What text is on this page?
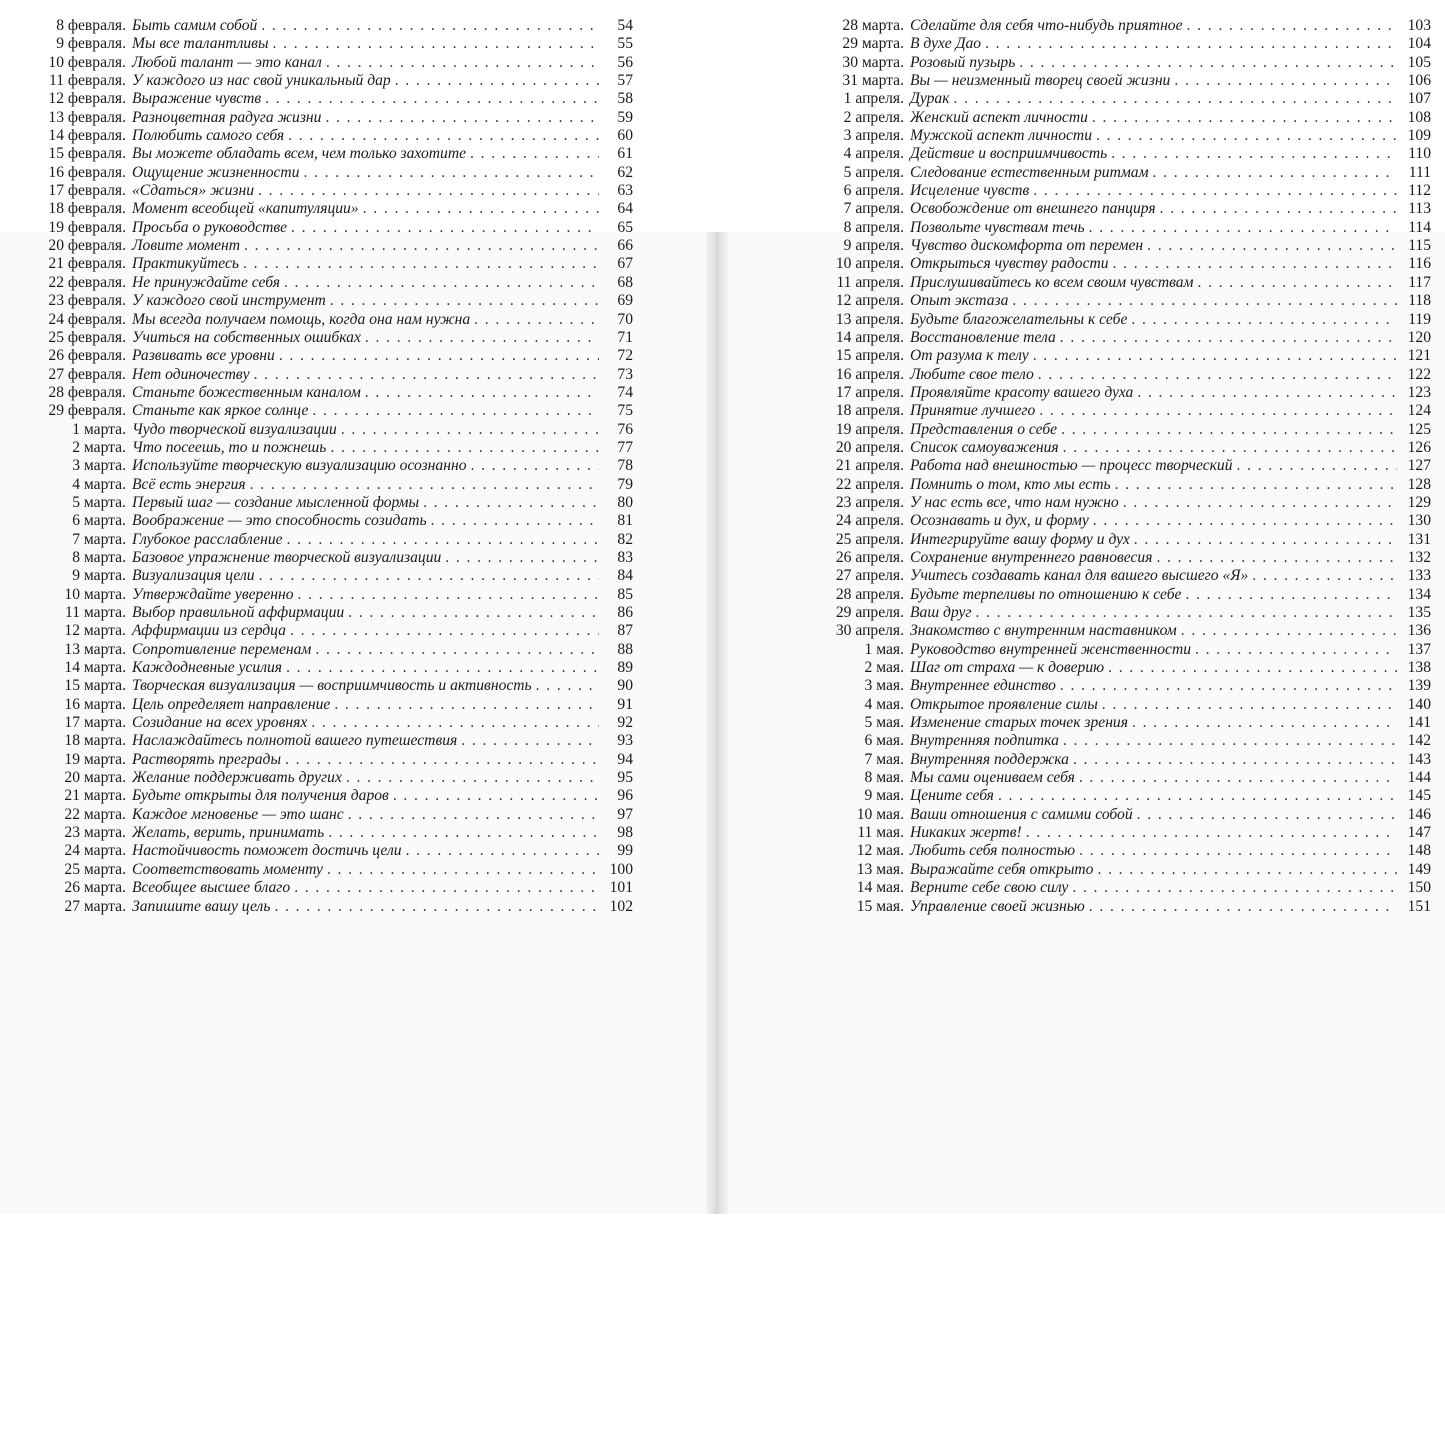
8 февраля. Быть самим собой . . .	54
9 февраля. Мы все талантливы . . .	55
10 февраля. Любой талант — это канал . . .	56
11 февраля. У каждого из нас свой уникальный дар . . .	57
12 февраля. Выражение чувств . . .	58
13 февраля. Разноцветная радуга жизни . . .	59
14 февраля. Полюбить самого себя . . .	60
15 февраля. Вы можете обладать всем, чем только захотите . . .	61
16 февраля. Ощущение жизненности . . .	62
17 февраля. «Сдаться» жизни . . .	63
18 февраля. Момент всеобщей «капитуляции» . . .	64
19 февраля. Просьба о руководстве . . .	65
20 февраля. Ловите момент . . .	66
21 февраля. Практикуйтесь . . .	67
22 февраля. Не принуждайте себя . . .	68
23 февраля. У каждого свой инструмент . . .	69
24 февраля. Мы всегда получаем помощь, когда она нам нужна . . .	70
25 февраля. Учиться на собственных ошибках . . .	71
26 февраля. Развивать все уровни . . .	72
27 февраля. Нет одиночеству . . .	73
28 февраля. Станьте божественным каналом . . .	74
29 февраля. Станьте как яркое солнце . . .	75
1 марта. Чудо творческой визуализации . . .	76
2 марта. Что посеешь, то и пожнешь . . .	77
3 марта. Используйте творческую визуализацию осознанно . . .	78
4 марта. Всё есть энергия . . .	79
5 марта. Первый шаг — создание мысленной формы . . .	80
6 марта. Воображение — это способность созидать . . .	81
7 марта. Глубокое расслабление . . .	82
8 марта. Базовое упражнение творческой визуализации . . .	83
9 марта. Визуализация цели . . .	84
10 марта. Утверждайте уверенно . . .	85
11 марта. Выбор правильной аффирмации . . .	86
12 марта. Аффирмации из сердца . . .	87
13 марта. Сопротивление переменам . . .	88
14 марта. Каждодневные усилия . . .	89
15 марта. Творческая визуализация — восприимчивость и активность . . .	90
16 марта. Цель определяет направление . . .	91
17 марта. Созидание на всех уровнях . . .	92
18 марта. Наслаждайтесь полнотой вашего путешествия . . .	93
19 марта. Растворять преграды . . .	94
20 марта. Желание поддерживать других . . .	95
21 марта. Будьте открыты для получения даров . . .	96
22 марта. Каждое мгновенье — это шанс . . .	97
23 марта. Желать, верить, принимать . . .	98
24 марта. Настойчивость поможет достичь цели . . .	99
25 марта. Соответствовать моменту . . .	100
26 марта. Всеобщее высшее благо . . .	101
27 марта. Запишите вашу цель . . .	102
28 марта. Сделайте для себя что-нибудь приятное . . .	103
29 марта. В духе Дао . . .	104
30 марта. Розовый пузырь . . .	105
31 марта. Вы — неизменный творец своей жизни . . .	106
1 апреля. Дурак . . .	107
2 апреля. Женский аспект личности . . .	108
3 апреля. Мужской аспект личности . . .	109
4 апреля. Действие и восприимчивость . . .	110
5 апреля. Следование естественным ритмам . . .	111
6 апреля. Исцеление чувств . . .	112
7 апреля. Освобождение от внешнего панциря . . .	113
8 апреля. Позвольте чувствам течь . . .	114
9 апреля. Чувство дискомфорта от перемен . . .	115
10 апреля. Открыться чувству радости . . .	116
11 апреля. Прислушивайтесь ко всем своим чувствам . . .	117
12 апреля. Опыт экстаза . . .	118
13 апреля. Будьте благожелательны к себе . . .	119
14 апреля. Восстановление тела . . .	120
15 апреля. От разума к телу . . .	121
16 апреля. Любите свое тело . . .	122
17 апреля. Проявляйте красоту вашего духа . . .	123
18 апреля. Принятие лучшего . . .	124
19 апреля. Представления о себе . . .	125
20 апреля. Список самоуважения . . .	126
21 апреля. Работа над внешностью — процесс творческий . . .	127
22 апреля. Помнить о том, кто мы есть . . .	128
23 апреля. У нас есть все, что нам нужно . . .	129
24 апреля. Осознавать и дух, и форму . . .	130
25 апреля. Интегрируйте вашу форму и дух . . .	131
26 апреля. Сохранение внутреннего равновесия . . .	132
27 апреля. Учитесь создавать канал для вашего высшего «Я» . . .	133
28 апреля. Будьте терпеливы по отношению к себе . . .	134
29 апреля. Ваш друг . . .	135
30 апреля. Знакомство с внутренним наставником . . .	136
1 мая. Руководство внутренней женственности . . .	137
2 мая. Шаг от страха — к доверию . . .	138
3 мая. Внутреннее единство . . .	139
4 мая. Открытое проявление силы . . .	140
5 мая. Изменение старых точек зрения . . .	141
6 мая. Внутренняя подпитка . . .	142
7 мая. Внутренняя поддержка . . .	143
8 мая. Мы сами оцениваем себя . . .	144
9 мая. Цените себя . . .	145
10 мая. Ваши отношения с самими собой . . .	146
11 мая. Никаких жертв! . . .	147
12 мая. Любить себя полностью . . .	148
13 мая. Выражайте себя открыто . . .	149
14 мая. Верните себе свою силу . . .	150
15 мая. Управление своей жизнью . . .	151
